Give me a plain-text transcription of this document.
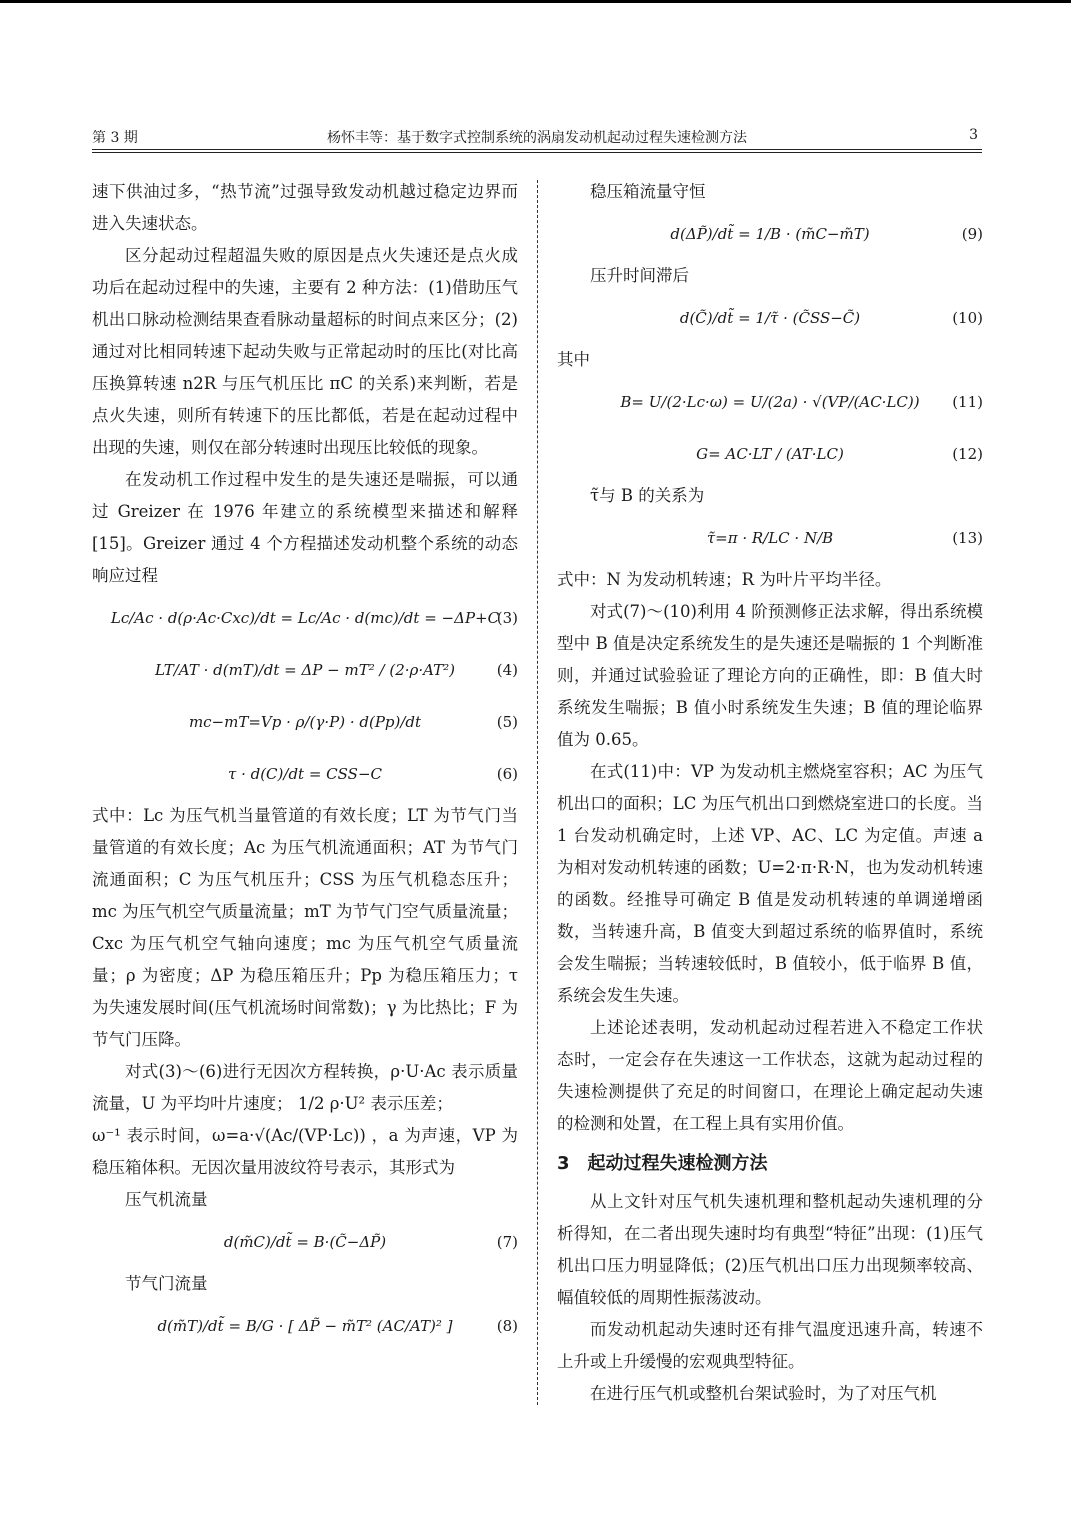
第 3 期	杨怀丰等：基于数字式控制系统的涡扇发动机起动过程失速检测方法	3

速下供油过多，“热节流”过强导致发动机越过稳定边界而进入失速状态。

区分起动过程超温失败的原因是点火失速还是点火成功后在起动过程中的失速，主要有 2 种方法：(1)借助压气机出口脉动检测结果查看脉动量超标的时间点来区分；(2) 通过对比相同转速下起动失败与正常起动时的压比(对比高压换算转速 n2R 与压气机压比 πC 的关系)来判断，若是点火失速，则所有转速下的压比都低，若是在起动过程中出现的失速，则仅在部分转速时出现压比较低的现象。

在发动机工作过程中发生的是失速还是喘振，可以通过 Greizer 在 1976 年建立的系统模型来描述和解释[15]。Greizer 通过 4 个方程描述发动机整个系统的动态响应过程

Lc/Ac · d(ρ·Ac·Cxc)/dt
= Lc/Ac · d(mc)/dt
= −ΔP+C
(3)
LT/AT · d(mT)/dt
= ΔP − mT² / (2·ρ·AT²)	(4)
mc−mT=Vp · ρ/(γ·P) · d(Pp)/dt	(5)
τ · d(C)/dt = CSS−C	(6)

式中：Lc 为压气机当量管道的有效长度；LT 为节气门当量管道的有效长度；Ac 为压气机流通面积；AT 为节气门流通面积；C 为压气机压升；CSS 为压气机稳态压升；mc 为压气机空气质量流量；mT 为节气门空气质量流量； Cxc 为压气机空气轴向速度；mc 为压气机空气质量流量；ρ 为密度；ΔP 为稳压箱压升；Pp 为稳压箱压力；τ 为失速发展时间(压气机流场时间常数)；γ 为比热比；F 为节气门压降。

对式(3)～(6)进行无因次方程转换，ρ·U·Ac 表示质量流量，U 为平均叶片速度； 1/2 ρ·U² 表示压差；

ω⁻¹ 表示时间，ω=a·√(Ac/(VP·Lc)) ，a 为声速，VP 为稳压箱体积。无因次量用波纹符号表示，其形式为

压气机流量

d(m̃C)/dt̃ = B·(C̃−ΔP̃)	(7)

节气门流量

d(m̃T)/dt̃ = B/G · [ ΔP̃ − m̃T² (AC/AT)² ]	(8)

稳压箱流量守恒

d(ΔP̃)/dt̃ = 1/B · (m̃C−m̃T)	(9)

压升时间滞后

d(C̃)/dt̃ = 1/τ̃ · (C̃SS−C̃)	(10)

其中

B= U/(2·Lc·ω) = U/(2a) · √(VP/(AC·LC)) (11)
G= AC·LT / (AT·LC)	(12)

τ̃与 B 的关系为

τ̃=π · R/LC · N/B	(13)

式中：N 为发动机转速；R 为叶片平均半径。

对式(7)～(10)利用 4 阶预测修正法求解，得出系统模型中 B 值是决定系统发生的是失速还是喘振的 1 个判断准则，并通过试验验证了理论方向的正确性，即：B 值大时系统发生喘振；B 值小时系统发生失速；B 值的理论临界值为 0.65。

在式(11)中：VP 为发动机主燃烧室容积；AC 为压气机出口的面积；LC 为压气机出口到燃烧室进口的长度。当 1 台发动机确定时，上述 VP、AC、LC 为定值。声速 a 为相对发动机转速的函数；U=2·π·R·N，也为发动机转速的函数。经推导可确定 B 值是发动机转速的单调递增函数，当转速升高，B 值变大到超过系统的临界值时，系统会发生喘振；当转速较低时，B 值较小，低于临界 B 值，系统会发生失速。

上述论述表明，发动机起动过程若进入不稳定工作状态时，一定会存在失速这一工作状态，这就为起动过程的失速检测提供了充足的时间窗口，在理论上确定起动失速的检测和处置，在工程上具有实用价值。

3　起动过程失速检测方法

从上文针对压气机失速机理和整机起动失速机理的分析得知，在二者出现失速时均有典型“特征”出现：(1)压气机出口压力明显降低；(2)压气机出口压力出现频率较高、幅值较低的周期性振荡波动。

而发动机起动失速时还有排气温度迅速升高，转速不上升或上升缓慢的宏观典型特征。

在进行压气机或整机台架试验时，为了对压气机
